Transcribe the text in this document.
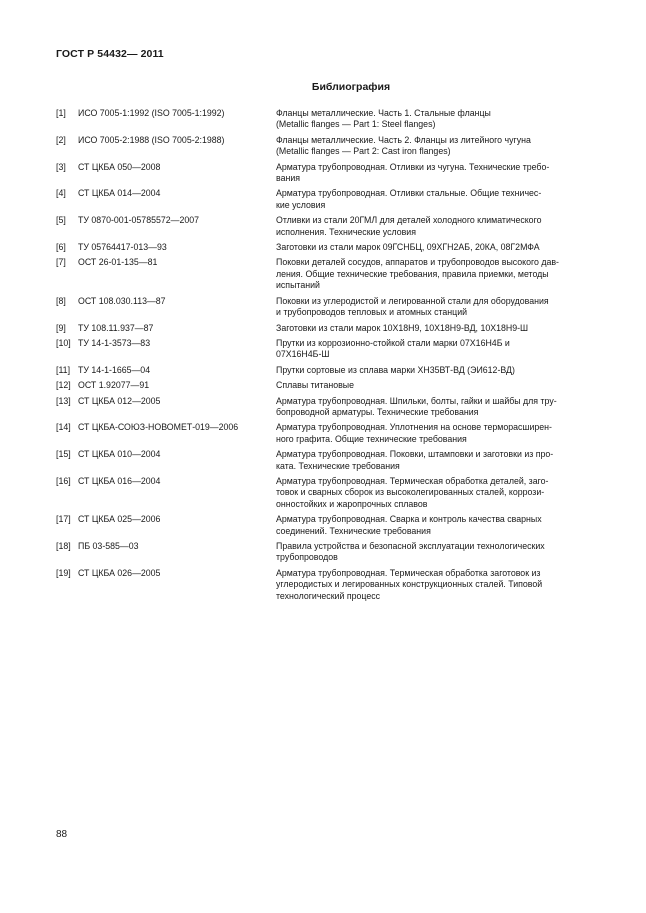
ГОСТ Р 54432— 2011
Библиография
[1]	ИСО 7005-1:1992 (ISO 7005-1:1992)	Фланцы металлические. Часть 1. Стальные фланцы
(Metallic flanges — Part 1: Steel flanges)
[2]	ИСО 7005-2:1988 (ISO 7005-2:1988)	Фланцы металлические. Часть 2. Фланцы из литейного чугуна
(Metallic flanges — Part 2: Cast iron flanges)
[3]	СТ ЦКБА 050—2008	Арматура трубопроводная. Отливки из чугуна. Технические требо-
вания
[4]	СТ ЦКБА 014—2004	Арматура трубопроводная. Отливки стальные. Общие техничес-
кие условия
[5]	ТУ 0870-001-05785572—2007	Отливки из стали 20ГМЛ для деталей холодного климатического
исполнения. Технические условия
[6]	ТУ 05764417-013—93	Заготовки из стали марок 09ГСНБЦ, 09ХГН2АБ, 20КА, 08Г2МФА
[7]	ОСТ 26-01-135—81	Поковки деталей сосудов, аппаратов и трубопроводов высокого дав-
ления. Общие технические требования, правила приемки, методы
испытаний
[8]	ОСТ 108.030.113—87	Поковки из углеродистой и легированной стали для оборудования
и трубопроводов тепловых и атомных станций
[9]	ТУ 108.11.937—87	Заготовки из стали марок 10Х18Н9, 10Х18Н9-ВД, 10Х18Н9-Ш
[10] ТУ 14-1-3573—83	Прутки из коррозионно-стойкой стали марки 07Х16Н4Б и
07Х16Н4Б-Ш
[11] ТУ 14-1-1665—04	Прутки сортовые из сплава марки ХН35ВТ-ВД (ЭИ612-ВД)
[12] ОСТ 1.92077—91	Сплавы титановые
[13] СТ ЦКБА 012—2005	Арматура трубопроводная. Шпильки, болты, гайки и шайбы для тру-
бопроводной арматуры. Технические требования
[14] СТ ЦКБА-СОЮЗ-НОВОМЕТ-019—2006	Арматура трубопроводная. Уплотнения на основе терморасширен-
ного графита. Общие технические требования
[15] СТ ЦКБА 010—2004	Арматура трубопроводная. Поковки, штамповки и заготовки из про-
ката. Технические требования
[16] СТ ЦКБА 016—2004	Арматура трубопроводная. Термическая обработка деталей, заго-
товок и сварных сборок из высоколегированных сталей, коррози-
онностойких и жаропрочных сплавов
[17] СТ ЦКБА 025—2006	Арматура трубопроводная. Сварка и контроль качества сварных
соединений. Технические требования
[18] ПБ 03-585—03	Правила устройства и безопасной эксплуатации технологических
трубопроводов
[19] СТ ЦКБА 026—2005	Арматура трубопроводная. Термическая обработка заготовок из
углеродистых и легированных конструкционных сталей. Типовой
технологический процесс
88
